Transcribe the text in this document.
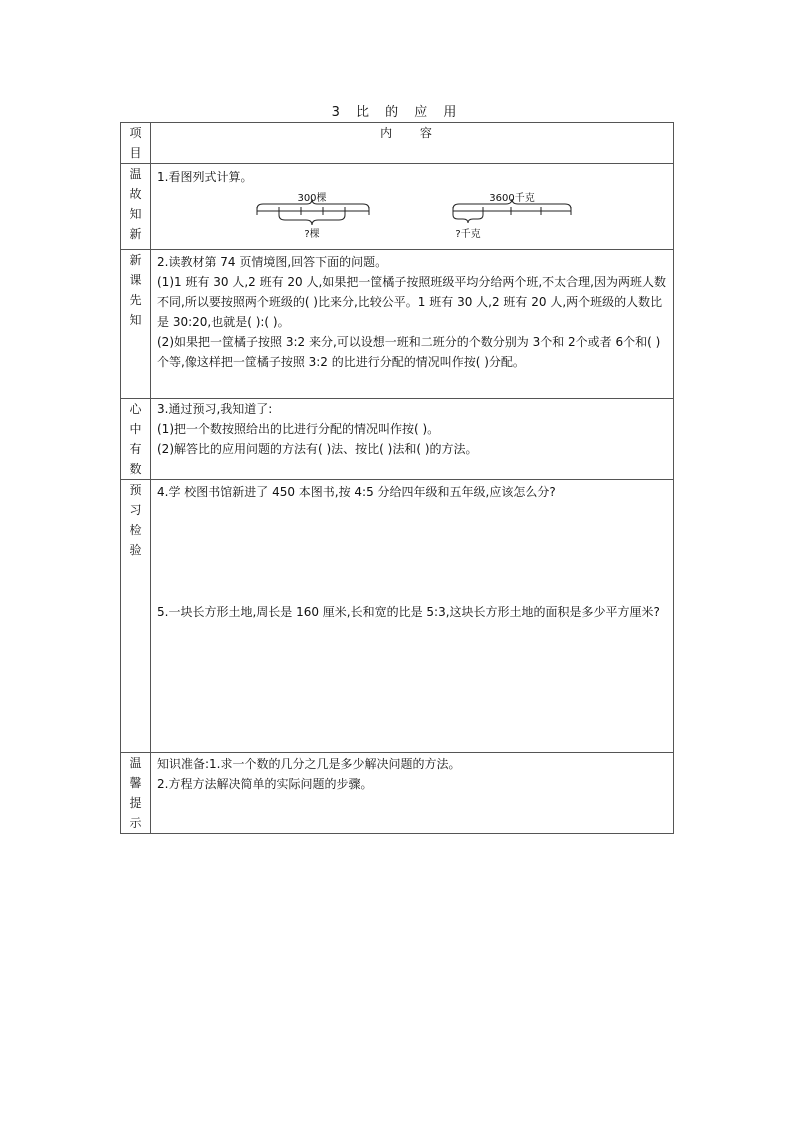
3 比 的 应 用
项目	内 容
温故知新	1.看图列式计算。
300棵
?棵
3600千克
?千克

新课先知	2.读教材第 74 页情境图,回答下面的问题。
(1)1 班有 30 人,2 班有 20 人,如果把一筐橘子按照班级平均分给两个班,不太合理,因为两班人数不同,所以要按照两个班级的( )比来分,比较公平。1 班有 30 人,2 班有 20 人,两个班级的人数比是 30:20,也就是( ):( )。
(2)如果把一筐橘子按照 3:2 来分,可以设想一班和二班分的个数分别为 3个和 2个或者 6个和( )个等,像这样把一筐橘子按照 3:2 的比进行分配的情况叫作按( )分配。

心中有数	3.通过预习,我知道了:
(1)把一个数按照给出的比进行分配的情况叫作按( )。
(2)解答比的应用问题的方法有( )法、按比( )法和( )的方法。

预习检验	4.学 校图书馆新进了 450 本图书,按 4:5 分给四年级和五年级,应该怎么分?
5.一块长方形土地,周长是 160 厘米,长和宽的比是 5:3,这块长方形土地的面积是多少平方厘米?

温馨提示	知识准备:1.求一个数的几分之几是多少解决问题的方法。
2.方程方法解决简单的实际问题的步骤。
